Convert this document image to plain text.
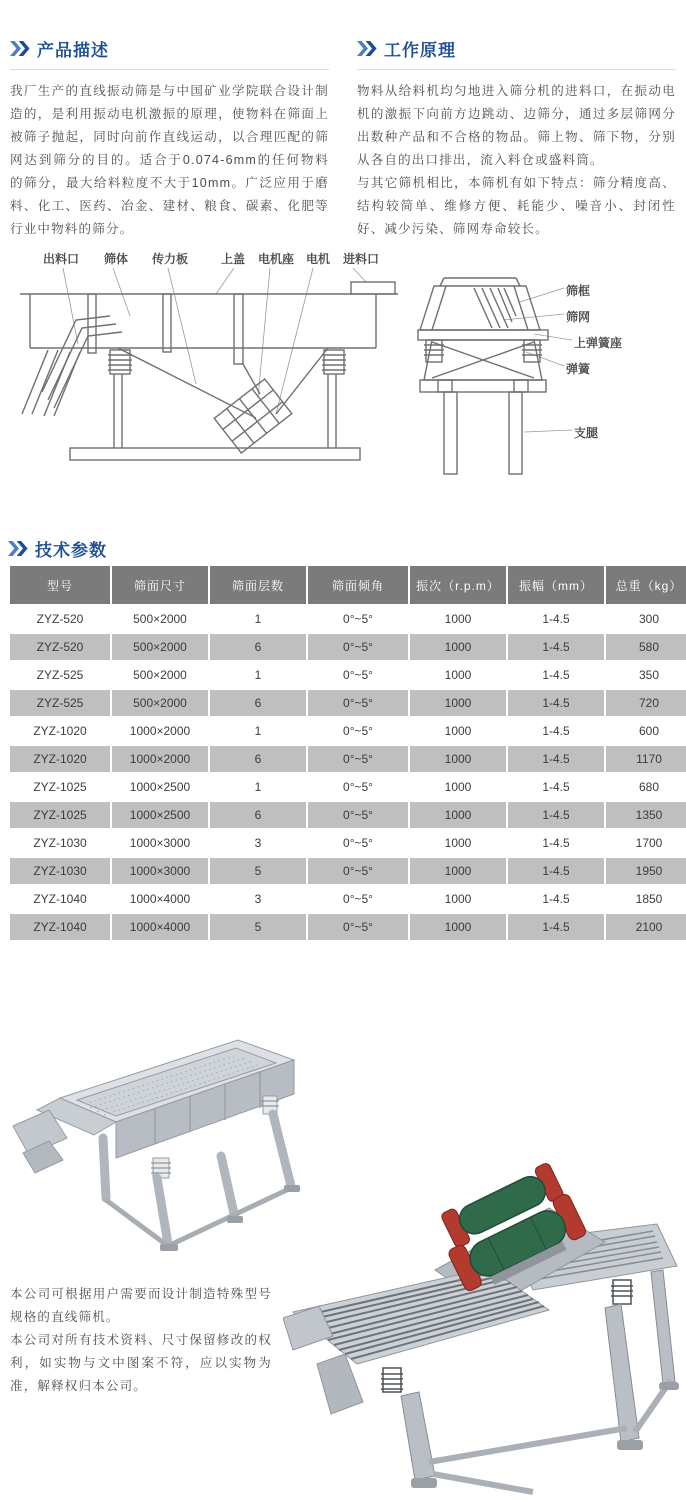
产品描述

我厂生产的直线振动筛是与中国矿业学院联合设计制造的，是利用振动电机激振的原理，使物料在筛面上被筛子抛起，同时向前作直线运动，以合理匹配的筛网达到筛分的目的。适合于0.074-6mm的任何物料的筛分，最大给料粒度不大于10mm。广泛应用于磨料、化工、医药、冶金、建材、粮食、碳素、化肥等行业中物料的筛分。

工作原理

物料从给料机均匀地进入筛分机的进料口，在振动电机的激振下向前方边跳动、边筛分，通过多层筛网分出数种产品和不合格的物品。筛上物、筛下物，分别从各自的出口排出，流入料仓或盛料筒。

与其它筛机相比，本筛机有如下特点：筛分精度高、结构较简单、维修方便、耗能少、噪音小、封闭性好、减少污染、筛网寿命较长。

出料口 筛体 传力板	上盖 电机座 电机 进料口
筛框
筛网
上弹簧座
弹簧
支腿
技术参数
型号	筛面尺寸	筛面层数	筛面倾角	振次（r.p.m）	振幅（mm）	总重（kg）
ZYZ-520	500×2000	1	0°~5°	1000	1-4.5	300
ZYZ-520	500×2000	6	0°~5°	1000	1-4.5	580
ZYZ-525	500×2000	1	0°~5°	1000	1-4.5	350
ZYZ-525	500×2000	6	0°~5°	1000	1-4.5	720
ZYZ-1020	1000×2000	1	0°~5°	1000	1-4.5	600
ZYZ-1020	1000×2000	6	0°~5°	1000	1-4.5	1170
ZYZ-1025	1000×2500	1	0°~5°	1000	1-4.5	680
ZYZ-1025	1000×2500	6	0°~5°	1000	1-4.5	1350
ZYZ-1030	1000×3000	3	0°~5°	1000	1-4.5	1700
ZYZ-1030	1000×3000	5	0°~5°	1000	1-4.5	1950
ZYZ-1040	1000×4000	3	0°~5°	1000	1-4.5	1850
ZYZ-1040	1000×4000	5	0°~5°	1000	1-4.5	2100

本公司可根据用户需要而设计制造特殊型号规格的直线筛机。

本公司对所有技术资料、尺寸保留修改的权利，如实物与文中图案不符，应以实物为准，解释权归本公司。
